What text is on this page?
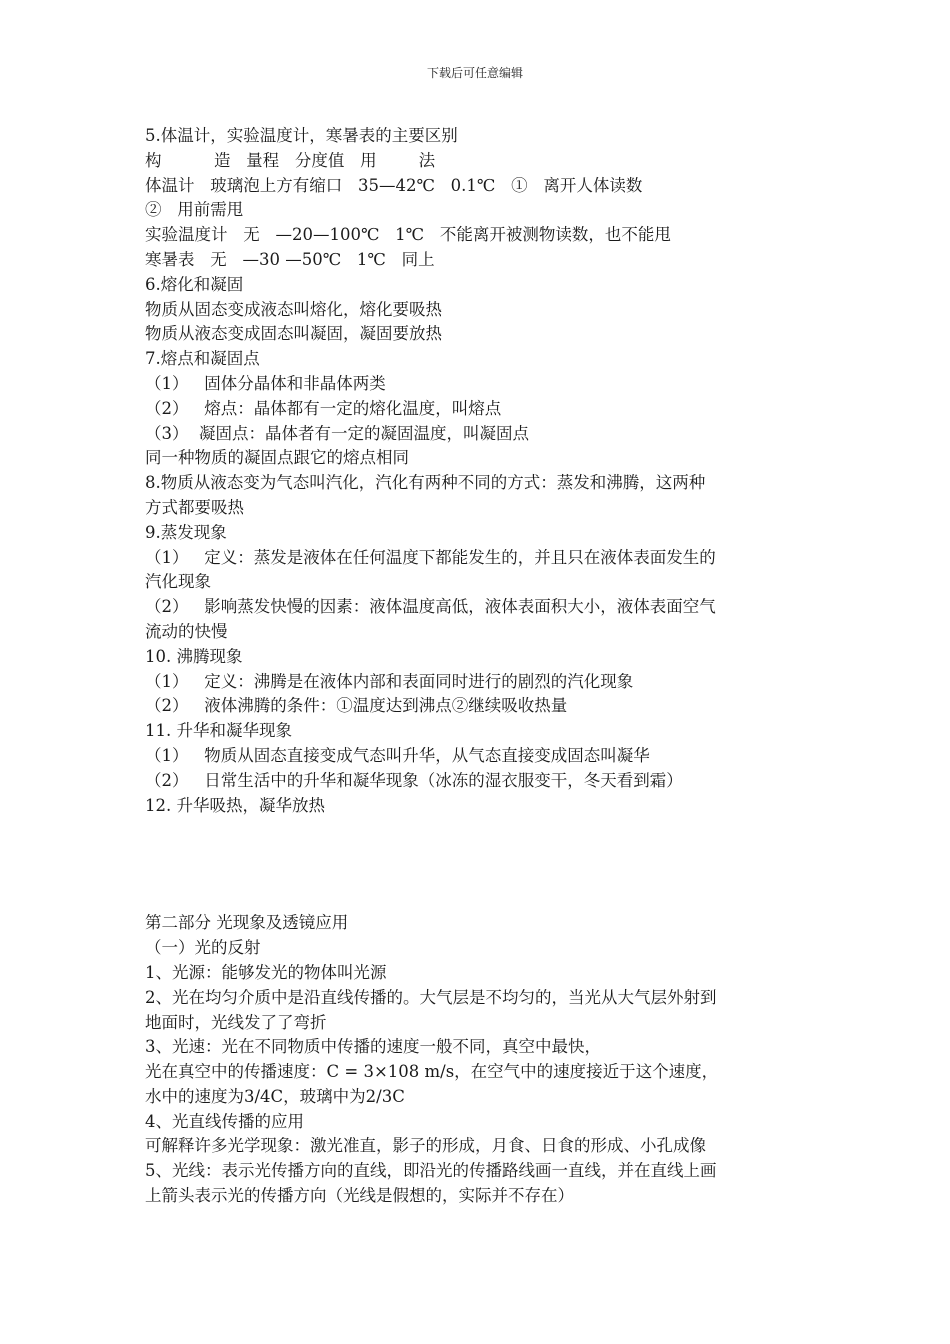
下载后可任意编辑
5.体温计，实验温度计，寒暑表的主要区别
构          造   量程   分度值   用        法
体温计   玻璃泡上方有缩口   35—42℃   0.1℃   ①   离开人体读数
②   用前需甩
实验温度计   无   —20—100℃   1℃   不能离开被测物读数，也不能甩
寒暑表   无   —30 —50℃   1℃   同上
6.熔化和凝固
物质从固态变成液态叫熔化，熔化要吸热
物质从液态变成固态叫凝固，凝固要放热
7.熔点和凝固点
（1）   固体分晶体和非晶体两类
（2）   熔点：晶体都有一定的熔化温度，叫熔点
（3）  凝固点：晶体者有一定的凝固温度，叫凝固点
同一种物质的凝固点跟它的熔点相同
8.物质从液态变为气态叫汽化，汽化有两种不同的方式：蒸发和沸腾，这两种
方式都要吸热
9.蒸发现象
（1）   定义：蒸发是液体在任何温度下都能发生的，并且只在液体表面发生的
汽化现象
（2）   影响蒸发快慢的因素：液体温度高低，液体表面积大小，液体表面空气
流动的快慢
10. 沸腾现象
（1）   定义：沸腾是在液体内部和表面同时进行的剧烈的汽化现象
（2）   液体沸腾的条件：①温度达到沸点②继续吸收热量
11. 升华和凝华现象
（1）   物质从固态直接变成气态叫升华，从气态直接变成固态叫凝华
（2）   日常生活中的升华和凝华现象（冰冻的湿衣服变干，冬天看到霜）
12. 升华吸热，凝华放热
第二部分 光现象及透镜应用
（一）光的反射
1、光源：能够发光的物体叫光源
2、光在均匀介质中是沿直线传播的。大气层是不均匀的，当光从大气层外射到
地面时，光线发了了弯折
3、光速：光在不同物质中传播的速度一般不同，真空中最快，
光在真空中的传播速度：C = 3×108 m/s，在空气中的速度接近于这个速度，
水中的速度为3/4C，玻璃中为2/3C
4、光直线传播的应用
可解释许多光学现象：激光准直，影子的形成，月食、日食的形成、小孔成像
5、光线：表示光传播方向的直线，即沿光的传播路线画一直线，并在直线上画
上箭头表示光的传播方向（光线是假想的，实际并不存在）
